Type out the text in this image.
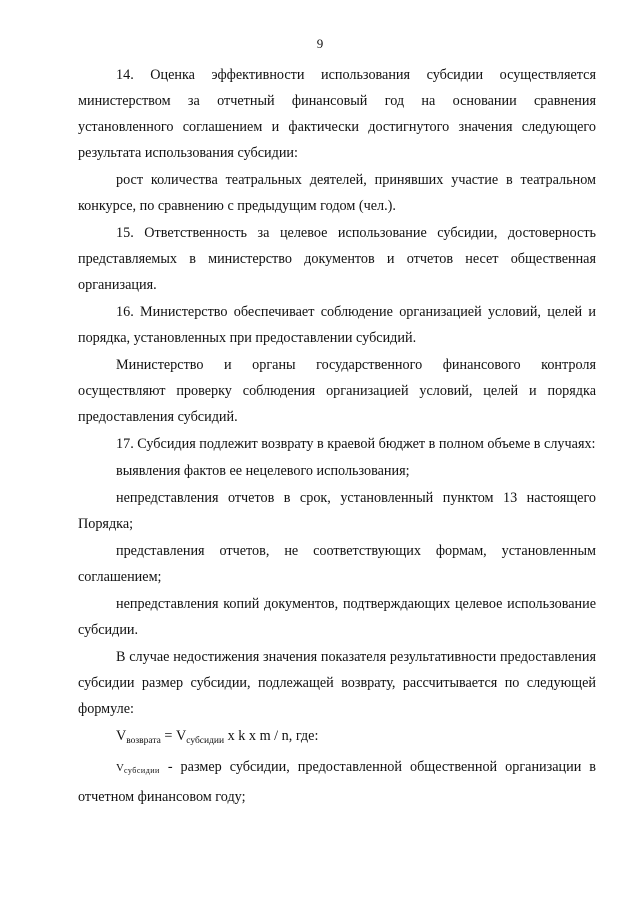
9

14. Оценка эффективности использования субсидии осуществляется министерством за отчетный финансовый год на основании сравнения установленного соглашением и фактически достигнутого значения следующего результата использования субсидии:

рост количества театральных деятелей, принявших участие в театральном конкурсе, по сравнению с предыдущим годом (чел.).

15. Ответственность за целевое использование субсидии, достоверность представляемых в министерство документов и отчетов несет общественная организация.

16. Министерство обеспечивает соблюдение организацией условий, целей и порядка, установленных при предоставлении субсидий.

Министерство и органы государственного финансового контроля осуществляют проверку соблюдения организацией условий, целей и порядка предоставления субсидий.

17. Субсидия подлежит возврату в краевой бюджет в полном объеме в случаях:

выявления фактов ее нецелевого использования;

непредставления отчетов в срок, установленный пунктом 13 настоящего Порядка;

представления отчетов, не соответствующих формам, установленным соглашением;

непредставления копий документов, подтверждающих целевое использование субсидии.

В случае недостижения значения показателя результативности предоставления субсидии размер субсидии, подлежащей возврату, рассчитывается по следующей формуле:

$V_{возврата} = V_{субсидии}$ x k x m / n, где:

Vсубсидии - размер субсидии, предоставленной общественной организации в отчетном финансовом году;
